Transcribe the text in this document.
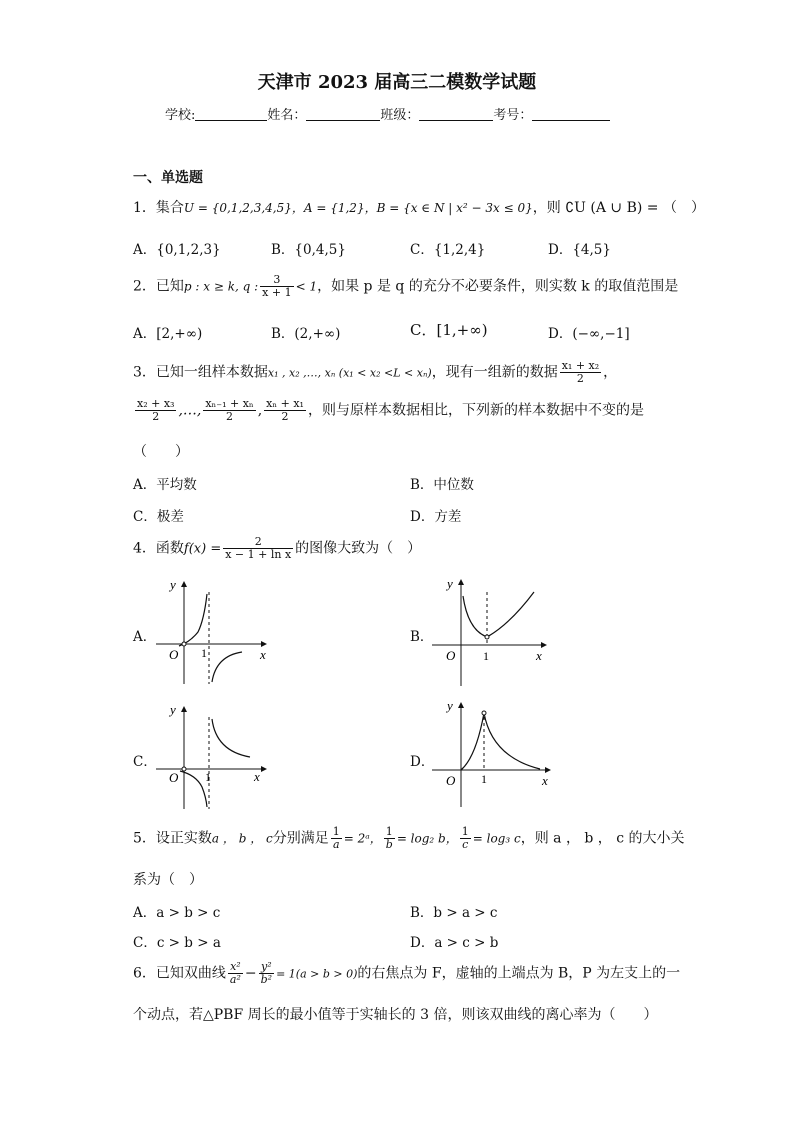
天津市 2023 届高三二模数学试题
学校:	姓名：	班级：	考号：
一、单选题
1．集合U = {0,1,2,3,4,5}，A = {1,2}，B = {x ∈ N | x² − 3x ≤ 0}，则 ∁U (A ∪ B) = （　）
A．{0,1,2,3}	B．{0,4,5}	C．{1,2,4}	D．{4,5}
2．已知p : x ≥ k, q : $\frac{3}{x + 1} < 1$，如果 p 是 q 的充分不必要条件，则实数 k 的取值范围是
A．[2,+∞)	B．(2,+∞)	C．[1,+∞)	D．(−∞,−1]
3．已知一组样本数据x₁ , x₂ ,…, xₙ (x₁ < x₂ <L < xₙ)，现有一组新的数据 $\frac{\text{x₁ + x₂}}{2}$ ，
$\frac{\text{x₂ + x₃}}{2}$ ,…, $\frac{\text{xₙ₋₁ + xₙ}}{2}$ , $\frac{\text{xₙ + x₁}}{2}$ ，则与原样本数据相比，下列新的样本数据中不变的是
（　　）
A．平均数	B．中位数
C．极差	D．方差
4．函数$f(x) = \frac{2}{\text{x − 1 + ln x}}$ 的图像大致为（　）
A．	B．
C．	D．
y
x
O 1
y
x
O 1
y
x
O 1
y
x
O 1
5．设正实数a ， b ， c分别满足 $\frac{1}{a}$ = 2ᵃ， $\frac{1}{b} = \log_2$ b， $\frac{1}{c} = \log_3$ c，则 a ， b ， c 的大小关
系为（　）
A．a > b > c	B．b > a > c
C．c > b > a	D．a > c > b
6．已知双曲线 $\frac{\text{x²}}{\text{a²}} - \frac{\text{y²}}{\text{b²}} = 1(a > b > 0)$的右焦点为 F，虚轴的上端点为 B，P 为左支上的一
个动点，若△PBF 周长的最小值等于实轴长的 3 倍，则该双曲线的离心率为（　　）
